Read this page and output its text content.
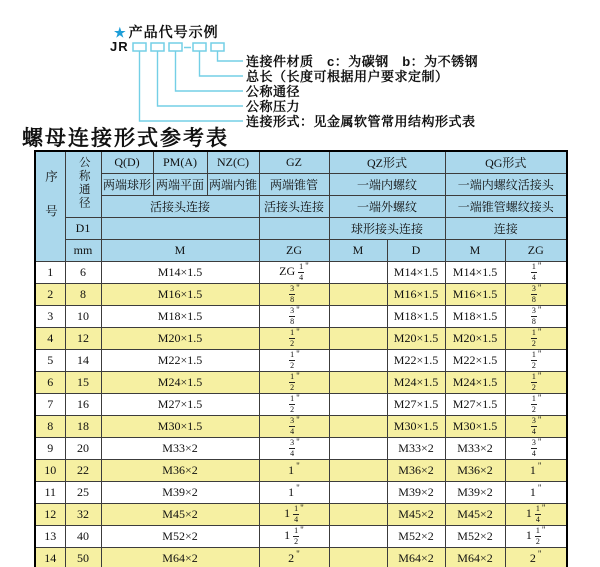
★ 产品代号示例
JR
连接件材质　c：为碳钢　b：为不锈钢
总长（长度可根据用户要求定制）
公称通径
公称压力
连接形式：见金属软管常用结构形式表
螺母连接形式参考表
序号	公称通径	Q(D)	PM(A)	NZ(C)	GZ	QZ形式		QG形式	
		两端球形	两端平面	两端内锥	两端锥管	一端内螺纹		一端内螺纹活接头	
		活接头连接			活接头连接	一端外螺纹		一端锥管螺纹接头	
	D1					球形接头连接		连接	
	mm	M			ZG	M	D	M	ZG
1	6	M14×1.5			ZG $\frac{1}{4} ^"$		M14×1.5	M14×1.5	$\frac{1}{4} ^"$
2	8	M16×1.5			$\frac{3}{8} ^"$		M16×1.5	M16×1.5	$\frac{3}{8} ^"$
3	10	M18×1.5			$\frac{3}{8} ^"$		M18×1.5	M18×1.5	$\frac{3}{8} ^"$
4	12	M20×1.5			$\frac{1}{2} ^"$		M20×1.5	M20×1.5	$\frac{1}{2} ^"$
5	14	M22×1.5			$\frac{1}{2} ^"$		M22×1.5	M22×1.5	$\frac{1}{2} ^"$
6	15	M24×1.5			$\frac{1}{2} ^"$		M24×1.5	M24×1.5	$\frac{1}{2} ^"$
7	16	M27×1.5			$\frac{1}{2} ^"$		M27×1.5	M27×1.5	$\frac{1}{2} ^"$
8	18	M30×1.5			$\frac{3}{4} ^"$		M30×1.5	M30×1.5	$\frac{3}{4} ^"$
9	20	M33×2			$\frac{3}{4} ^"$		M33×2	M33×2	$\frac{3}{4} ^"$
10	22	M36×2			1 "		M36×2	M36×2	1 "
11	25	M39×2			1 "		M39×2	M39×2	1 "
12	32	M45×2			$1 \frac{1}{4} ^"$		M45×2	M45×2	$1 \frac{1}{4} ^"$
13	40	M52×2			$1 \frac{1}{2} ^"$		M52×2	M52×2	$1 \frac{1}{2} ^"$
14	50	M64×2			2 "		M64×2	M64×2	2 "
